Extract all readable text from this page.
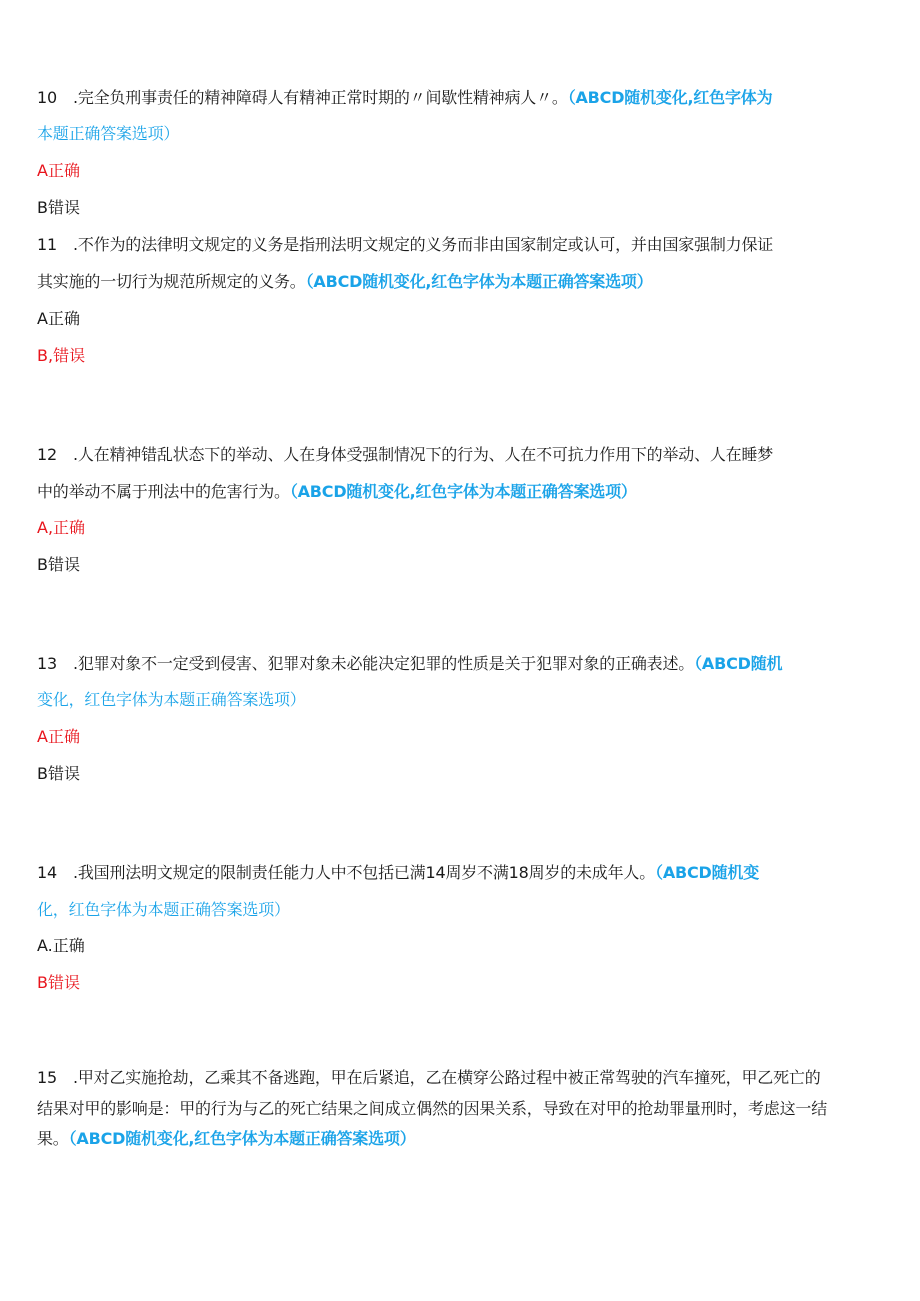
10 .完全负刑事责任的精神障碍人有精神正常时期的〃间歇性精神病人〃。（ABCD随机变化,红色字体为
本题正确答案选项）
A正确
B错误
11 .不作为的法律明文规定的义务是指刑法明文规定的义务而非由国家制定或认可，并由国家强制力保证
其实施的一切行为规范所规定的义务。（ABCD随机变化,红色字体为本题正确答案选项）
A正确
B,错误
12 .人在精神错乱状态下的举动、人在身体受强制情况下的行为、人在不可抗力作用下的举动、人在睡梦
中的举动不属于刑法中的危害行为。（ABCD随机变化,红色字体为本题正确答案选项）
A,正确
B错误
13 .犯罪对象不一定受到侵害、犯罪对象未必能决定犯罪的性质是关于犯罪对象的正确表述。（ABCD随机
变化，红色字体为本题正确答案选项）
A正确
B错误
14 .我国刑法明文规定的限制责任能力人中不包括已满14周岁不满18周岁的未成年人。（ABCD随机变
化，红色字体为本题正确答案选项）
A.正确
B错误
15 .甲对乙实施抢劫，乙乘其不备逃跑，甲在后紧追，乙在横穿公路过程中被正常驾驶的汽车撞死，甲乙死亡的
结果对甲的影响是：甲的行为与乙的死亡结果之间成立偶然的因果关系，导致在对甲的抢劫罪量刑时，考虑这一结
果。（ABCD随机变化,红色字体为本题正确答案选项）
